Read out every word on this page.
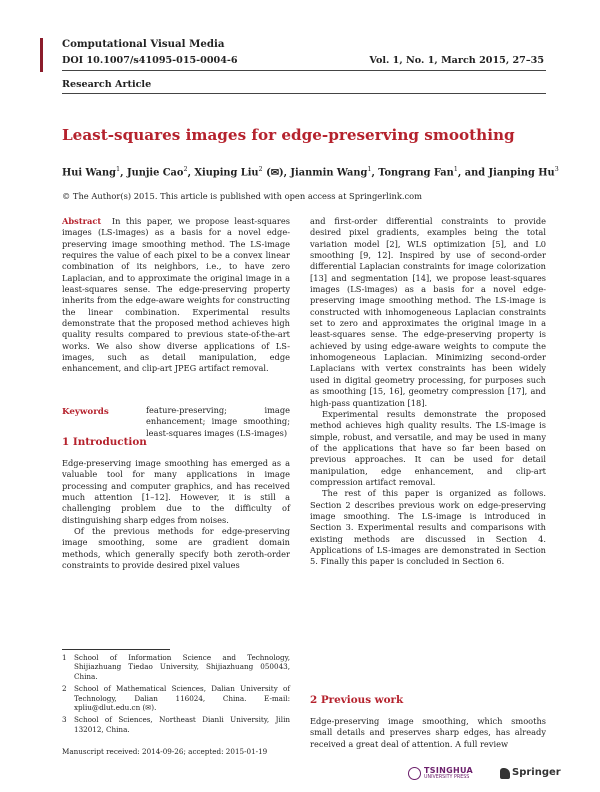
Computational Visual Media
DOI 10.1007/s41095-015-0004-6	Vol. 1, No. 1, March 2015, 27–35
Research Article
Least-squares images for edge-preserving smoothing
Hui Wang$^1$, Junjie Cao$^2$, Xiuping Liu$^2$ (✉), Jianmin Wang$^1$, Tongrang Fan$^1$, and Jianping Hu$^3$
© The Author(s) 2015. This article is published with open access at Springerlink.com

Abstract In this paper, we propose least-squares images (LS-images) as a basis for a novel edge-preserving image smoothing method. The LS-image requires the value of each pixel to be a convex linear combination of its neighbors, i.e., to have zero Laplacian, and to approximate the original image in a least-squares sense. The edge-preserving property inherits from the edge-aware weights for constructing the linear combination. Experimental results demonstrate that the proposed method achieves high quality results compared to previous state-of-the-art works. We also show diverse applications of LS-images, such as detail manipulation, edge enhancement, and clip-art JPEG artifact removal.

Keywords	feature-preserving; image enhancement; image smoothing; least-squares images (LS-images)
1 Introduction

Edge-preserving image smoothing has emerged as a valuable tool for many applications in image processing and computer graphics, and has received much attention [1–12]. However, it is still a challenging problem due to the difficulty of distinguishing sharp edges from noises.

Of the previous methods for edge-preserving image smoothing, some are gradient domain methods, which generally specify both zeroth-order constraints to provide desired pixel values

1 School of Information Science and Technology, Shijiazhuang Tiedao University, Shijiazhuang 050043, China.
2 School of Mathematical Sciences, Dalian University of Technology, Dalian 116024, China. E-mail: xpliu@dlut.edu.cn (✉).
3 School of Sciences, Northeast Dianli University, Jilin 132012, China.
Manuscript received: 2014-09-26; accepted: 2015-01-19

and first-order differential constraints to provide desired pixel gradients, examples being the total variation model [2], WLS optimization [5], and L0 smoothing [9, 12]. Inspired by use of second-order differential Laplacian constraints for image colorization [13] and segmentation [14], we propose least-squares images (LS-images) as a basis for a novel edge-preserving image smoothing method. The LS-image is constructed with inhomogeneous Laplacian constraints set to zero and approximates the original image in a least-squares sense. The edge-preserving property is achieved by using edge-aware weights to compute the inhomogeneous Laplacian. Minimizing second-order Laplacians with vertex constraints has been widely used in digital geometry processing, for purposes such as smoothing [15, 16], geometry compression [17], and high-pass quantization [18].

Experimental results demonstrate the proposed method achieves high quality results. The LS-image is simple, robust, and versatile, and may be used in many of the applications that have so far been based on previous approaches. It can be used for detail manipulation, edge enhancement, and clip-art compression artifact removal.

The rest of this paper is organized as follows. Section 2 describes previous work on edge-preserving image smoothing. The LS-image is introduced in Section 3. Experimental results and comparisons with existing methods are discussed in Section 4. Applications of LS-images are demonstrated in Section 5. Finally this paper is concluded in Section 6.

2 Previous work

Edge-preserving image smoothing, which smooths small details and preserves sharp edges, has already received a great deal of attention. A full review

TSINGHUA
UNIVERSITY PRESS	Springer
